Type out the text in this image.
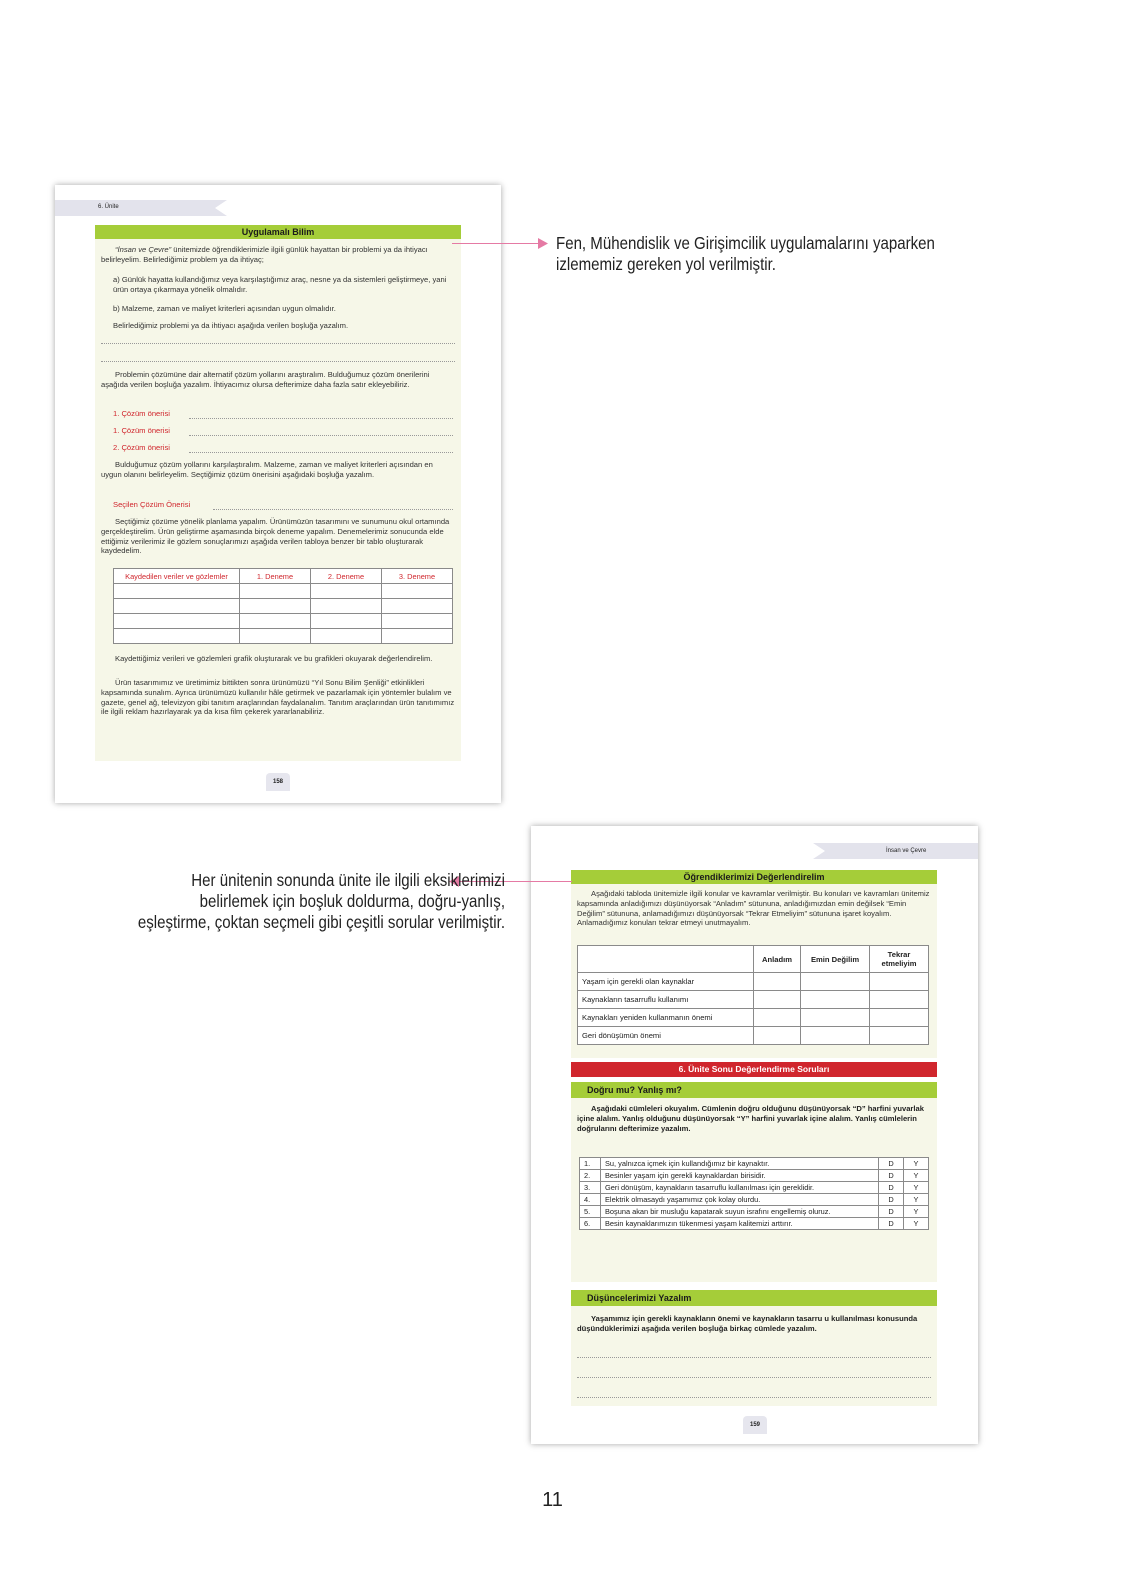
6. Ünite
Uygulamalı Bilim
“İnsan ve Çevre” ünitemizde öğrendiklerimizle ilgili günlük hayattan bir problemi ya da ihtiyacı belirleyelim. Belirlediğimiz problem ya da ihtiyaç;
a) Günlük hayatta kullandığımız veya karşılaştığımız araç, nesne ya da sistemleri geliştirmeye, yani ürün ortaya çıkarmaya yönelik olmalıdır.
b) Malzeme, zaman ve maliyet kriterleri açısından uygun olmalıdır.
Belirlediğimiz problemi ya da ihtiyacı aşağıda verilen boşluğa yazalım.
Problemin çözümüne dair alternatif çözüm yollarını araştıralım. Bulduğumuz çözüm önerilerini aşağıda verilen boşluğa yazalım. İhtiyacımız olursa defterimize daha fazla satır ekleyebiliriz.
1. Çözüm önerisi
1. Çözüm önerisi
2. Çözüm önerisi
Bulduğumuz çözüm yollarını karşılaştıralım. Malzeme, zaman ve maliyet kriterleri açısından en uygun olanını belirleyelim. Seçtiğimiz çözüm önerisini aşağıdaki boşluğa yazalım.
Seçilen Çözüm Önerisi
Seçtiğimiz çözüme yönelik planlama yapalım. Ürünümüzün tasarımını ve sunumunu okul ortamında gerçekleştirelim. Ürün geliştirme aşamasında birçok deneme yapalım. Denemelerimiz sonucunda elde ettiğimiz verilerimiz ile gözlem sonuçlarımızı aşağıda verilen tabloya benzer bir tablo oluşturarak kaydedelim.
Kaydedilen veriler ve gözlemler	1. Deneme	2. Deneme	3. Deneme

Kaydettiğimiz verileri ve gözlemleri grafik oluşturarak ve bu grafikleri okuyarak değerlendirelim.
Ürün tasarımımız ve üretimimiz bittikten sonra ürünümüzü “Yıl Sonu Bilim Şenliği” etkinlikleri kapsamında sunalım. Ayrıca ürünümüzü kullanılır hâle getirmek ve pazarlamak için yöntemler bulalım ve gazete, genel ağ, televizyon gibi tanıtım araçlarından faydalanalım. Tanıtım araçlarından ürün tanıtımımız ile ilgili reklam hazırlayarak ya da kısa film çekerek yararlanabiliriz.
158
İnsan ve Çevre
Öğrendiklerimizi Değerlendirelim
Aşağıdaki tabloda ünitemizle ilgili konular ve kavramlar verilmiştir. Bu konuları ve kavramları ünitemiz kapsamında anladığımızı düşünüyorsak “Anladım” sütununa, anladığımızdan emin değilsek “Emin Değilim” sütununa, anlamadığımızı düşünüyorsak “Tekrar Etmeliyim” sütununa işaret koyalım. Anlamadığımız konuları tekrar etmeyi unutmayalım.
	Anladım	Emin Değilim	Tekrar etmeliyim
Yaşam için gerekli olan kaynaklar			
Kaynakların tasarruflu kullanımı			
Kaynakları yeniden kullanmanın önemi			
Geri dönüşümün önemi			
6. Ünite Sonu Değerlendirme Soruları
Doğru mu? Yanlış mı?
Aşağıdaki cümleleri okuyalım. Cümlenin doğru olduğunu düşünüyorsak “D” harfini yuvarlak içine alalım. Yanlış olduğunu düşünüyorsak “Y” harfini yuvarlak içine alalım. Yanlış cümlelerin doğrularını defterimize yazalım.
1.	Su, yalnızca içmek için kullandığımız bir kaynaktır.	D	Y
2.	Besinler yaşam için gerekli kaynaklardan birisidir.	D	Y
3.	Geri dönüşüm, kaynakların tasarruflu kullanılması için gereklidir.	D	Y
4.	Elektrik olmasaydı yaşamımız çok kolay olurdu.	D	Y
5.	Boşuna akan bir musluğu kapatarak suyun israfını engellemiş oluruz.	D	Y
6.	Besin kaynaklarımızın tükenmesi yaşam kalitemizi arttırır.	D	Y
Düşüncelerimizi Yazalım
Yaşamımız için gerekli kaynakların önemi ve kaynakların tasarru u kullanılması konusunda düşündüklerimizi aşağıda verilen boşluğa birkaç cümlede yazalım.
159
Fen, Mühendislik ve Girişimcilik uygulamalarını yaparken izlememiz gereken yol verilmiştir.
Her ünitenin sonunda ünite ile ilgili eksiklerimizi belirlemek için boşluk doldurma, doğru-yanlış, eşleştirme, çoktan seçmeli gibi çeşitli sorular verilmiştir.
11
